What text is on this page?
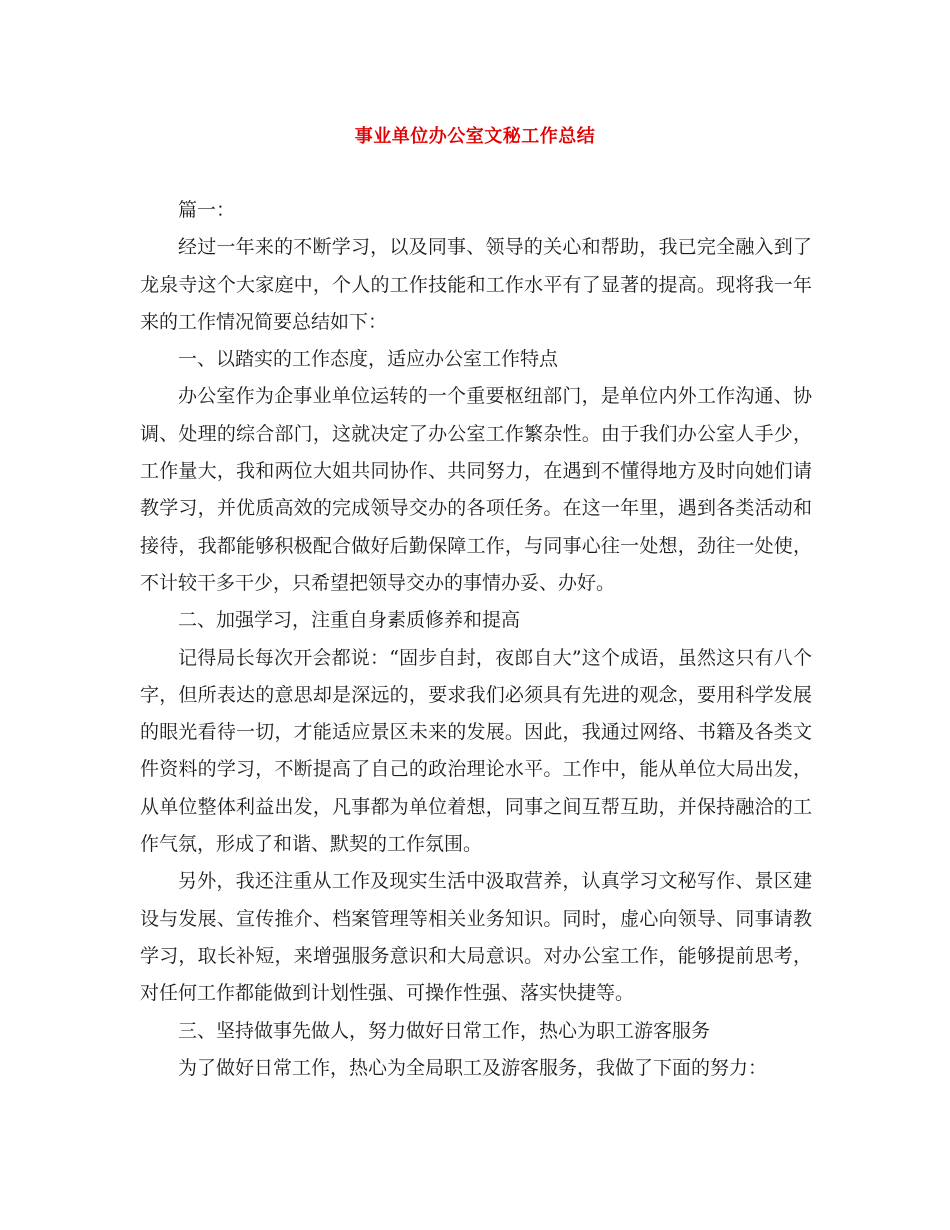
事业单位办公室文秘工作总结

篇一：

经过一年来的不断学习，以及同事、领导的关心和帮助，我已完全融入到了龙泉寺这个大家庭中，个人的工作技能和工作水平有了显著的提高。现将我一年来的工作情况简要总结如下：

一、以踏实的工作态度，适应办公室工作特点

办公室作为企事业单位运转的一个重要枢纽部门，是单位内外工作沟通、协调、处理的综合部门，这就决定了办公室工作繁杂性。由于我们办公室人手少，工作量大，我和两位大姐共同协作、共同努力，在遇到不懂得地方及时向她们请教学习，并优质高效的完成领导交办的各项任务。在这一年里，遇到各类活动和接待，我都能够积极配合做好后勤保障工作，与同事心往一处想，劲往一处使，不计较干多干少，只希望把领导交办的事情办妥、办好。

二、加强学习，注重自身素质修养和提高

记得局长每次开会都说：“固步自封，夜郎自大”这个成语，虽然这只有八个字，但所表达的意思却是深远的，要求我们必须具有先进的观念，要用科学发展的眼光看待一切，才能适应景区未来的发展。因此，我通过网络、书籍及各类文件资料的学习，不断提高了自己的政治理论水平。工作中，能从单位大局出发，从单位整体利益出发，凡事都为单位着想，同事之间互帮互助，并保持融洽的工作气氛，形成了和谐、默契的工作氛围。

另外，我还注重从工作及现实生活中汲取营养，认真学习文秘写作、景区建设与发展、宣传推介、档案管理等相关业务知识。同时，虚心向领导、同事请教学习，取长补短，来增强服务意识和大局意识。对办公室工作，能够提前思考，对任何工作都能做到计划性强、可操作性强、落实快捷等。

三、坚持做事先做人，努力做好日常工作，热心为职工游客服务

为了做好日常工作，热心为全局职工及游客服务，我做了下面的努力：
